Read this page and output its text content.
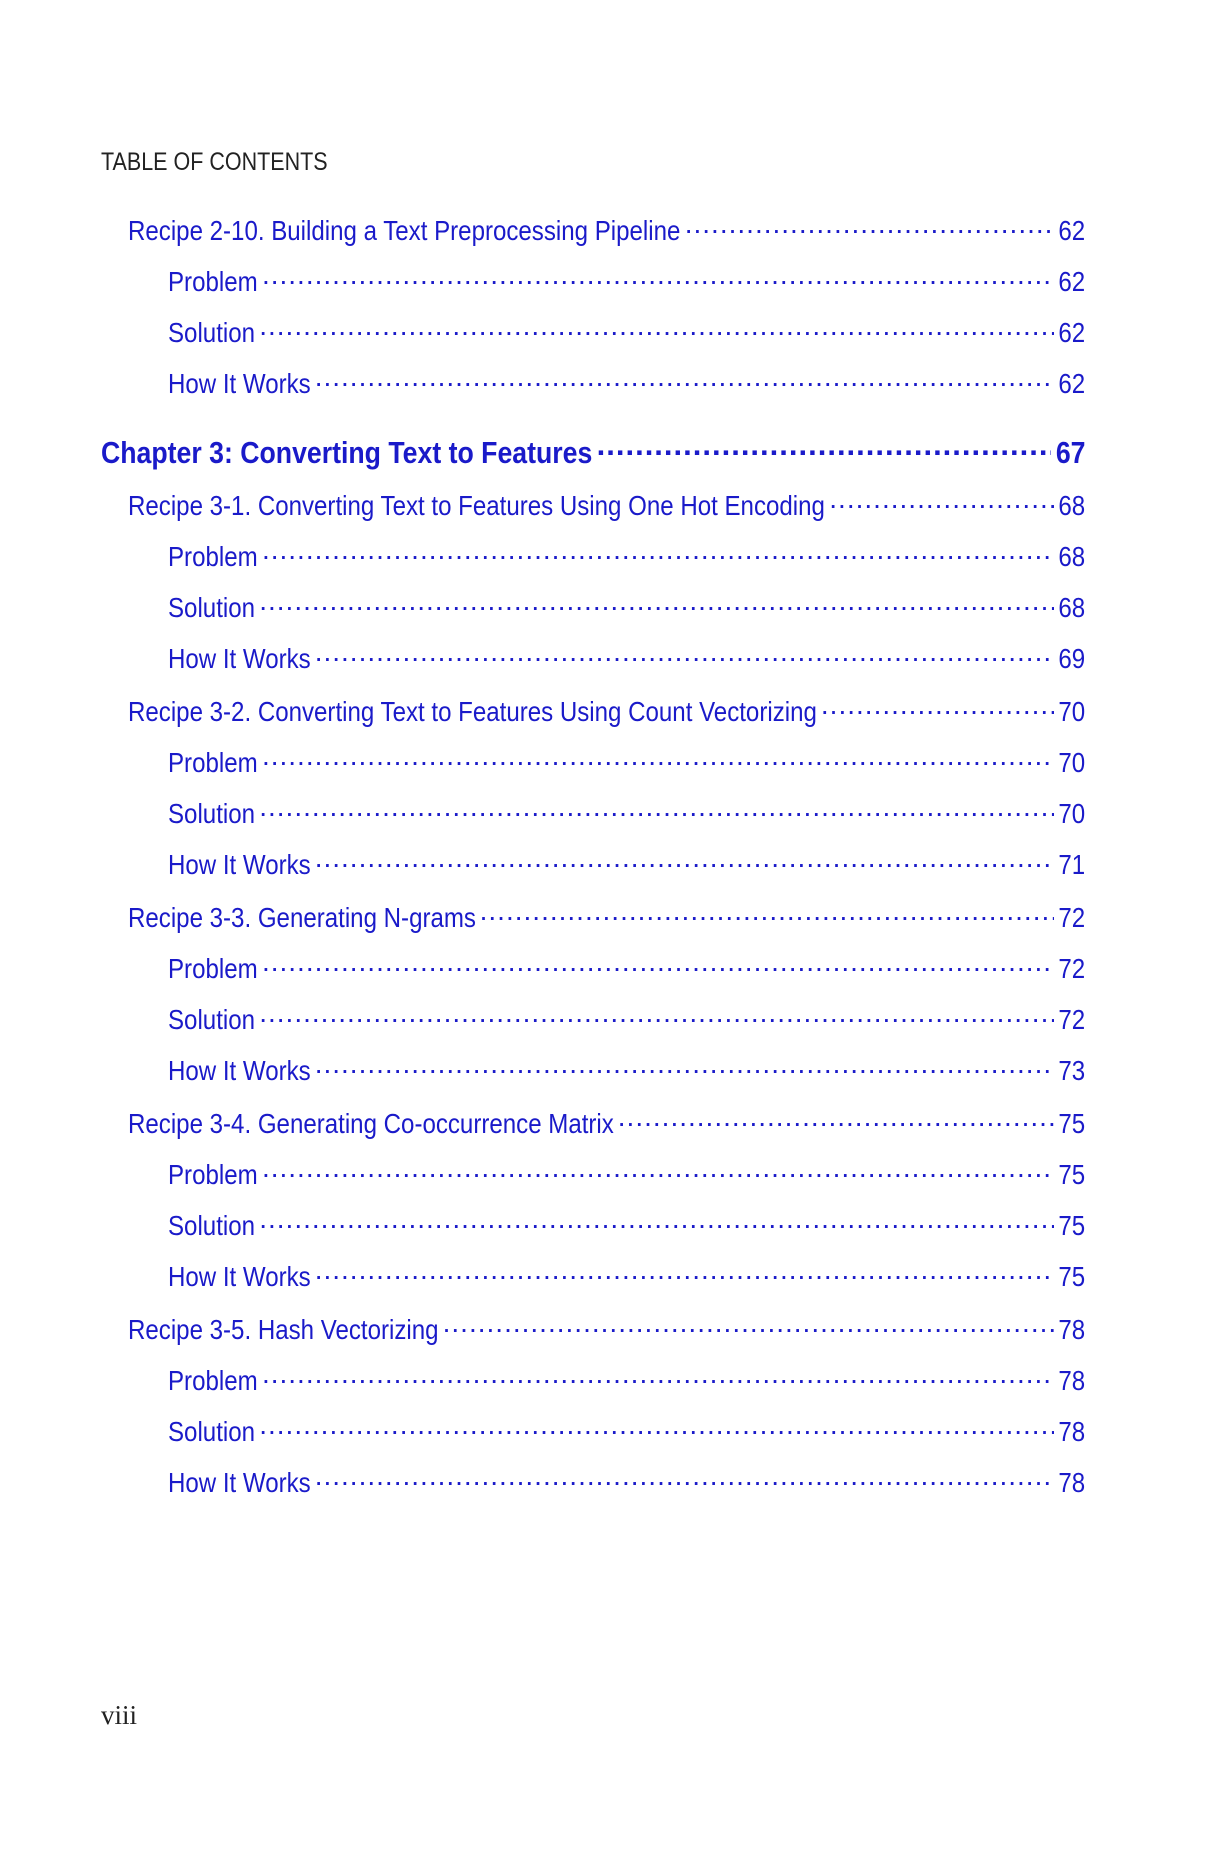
TABLE OF CONTENTS
Recipe 2-10. Building a Text Preprocessing Pipeline .....	62
Problem .....	62
Solution .....	62
How It Works .....	62
Chapter 3: Converting Text to Features .....	67
Recipe 3-1. Converting Text to Features Using One Hot Encoding .....	68
Problem .....	68
Solution .....	68
How It Works .....	69
Recipe 3-2. Converting Text to Features Using Count Vectorizing .....	70
Problem .....	70
Solution .....	70
How It Works .....	71
Recipe 3-3. Generating N-grams .....	72
Problem .....	72
Solution .....	72
How It Works .....	73
Recipe 3-4. Generating Co-occurrence Matrix .....	75
Problem .....	75
Solution .....	75
How It Works .....	75
Recipe 3-5. Hash Vectorizing .....	78
Problem .....	78
Solution .....	78
How It Works .....	78
viii
